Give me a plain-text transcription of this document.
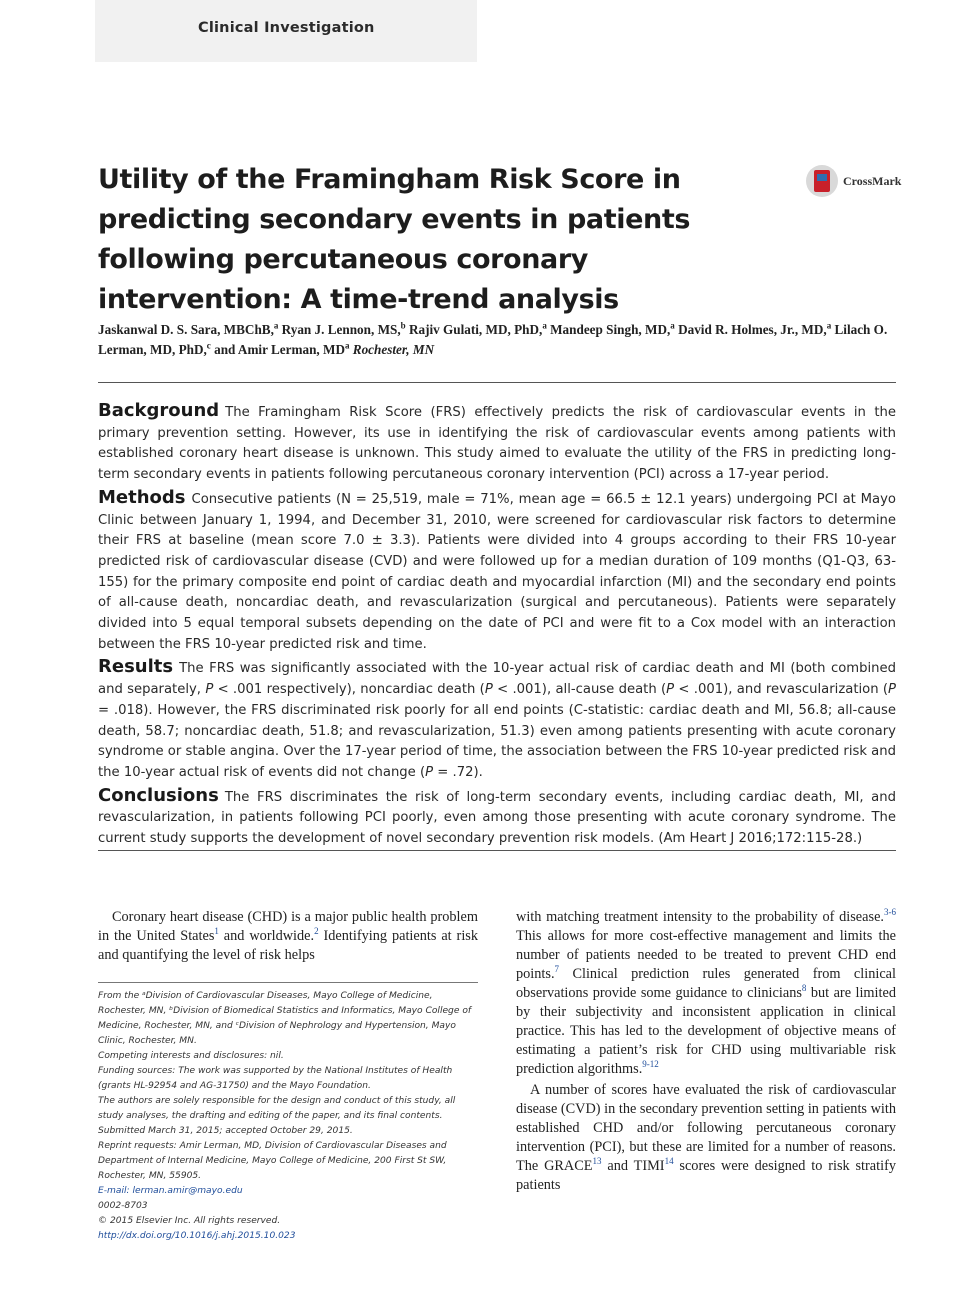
Clinical Investigation
Utility of the Framingham Risk Score in predicting secondary events in patients following percutaneous coronary intervention: A time-trend analysis
CrossMark
Jaskanwal D. S. Sara, MBChB,$^a$ Ryan J. Lennon, MS,$^b$ Rajiv Gulati, MD, PhD,$^a$ Mandeep Singh, MD,$^a$ David R. Holmes, Jr., MD,$^a$ Lilach O. Lerman, MD, PhD,$^c$ and Amir Lerman, $MD^a$ Rochester, MN

Background The Framingham Risk Score (FRS) effectively predicts the risk of cardiovascular events in the primary prevention setting. However, its use in identifying the risk of cardiovascular events among patients with established coronary heart disease is unknown. This study aimed to evaluate the utility of the FRS in predicting long-term secondary events in patients following percutaneous coronary intervention (PCI) across a 17-year period.

Methods Consecutive patients (N = 25,519, male = 71%, mean age = 66.5 ± 12.1 years) undergoing PCI at Mayo Clinic between January 1, 1994, and December 31, 2010, were screened for cardiovascular risk factors to determine their FRS at baseline (mean score 7.0 ± 3.3). Patients were divided into 4 groups according to their FRS 10-year predicted risk of cardiovascular disease (CVD) and were followed up for a median duration of 109 months (Q1-Q3, 63-155) for the primary composite end point of cardiac death and myocardial infarction (MI) and the secondary end points of all-cause death, noncardiac death, and revascularization (surgical and percutaneous). Patients were separately divided into 5 equal temporal subsets depending on the date of PCI and were fit to a Cox model with an interaction between the FRS 10-year predicted risk and time.

Results The FRS was significantly associated with the 10-year actual risk of cardiac death and MI (both combined and separately, P < .001 respectively), noncardiac death (P < .001), all-cause death (P < .001), and revascularization (P = .018). However, the FRS discriminated risk poorly for all end points (C-statistic: cardiac death and MI, 56.8; all-cause death, 58.7; noncardiac death, 51.8; and revascularization, 51.3) even among patients presenting with acute coronary syndrome or stable angina. Over the 17-year period of time, the association between the FRS 10-year predicted risk and the 10-year actual risk of events did not change (P = .72).

Conclusions The FRS discriminates the risk of long-term secondary events, including cardiac death, MI, and revascularization, in patients following PCI poorly, even among those presenting with acute coronary syndrome. The current study supports the development of novel secondary prevention risk models. (Am Heart J 2016;172:115-28.)

Coronary heart disease (CHD) is a major public health problem in the United States$^1$ and worldwide.$^2$ Identifying patients at risk and quantifying the level of risk helps

From the ᵃDivision of Cardiovascular Diseases, Mayo College of Medicine, Rochester, MN, ᵇDivision of Biomedical Statistics and Informatics, Mayo College of Medicine, Rochester, MN, and ᶜDivision of Nephrology and Hypertension, Mayo Clinic, Rochester, MN.

Competing interests and disclosures: nil.

Funding sources: The work was supported by the National Institutes of Health (grants HL-92954 and AG-31750) and the Mayo Foundation.

The authors are solely responsible for the design and conduct of this study, all study analyses, the drafting and editing of the paper, and its final contents.

Submitted March 31, 2015; accepted October 29, 2015.

Reprint requests: Amir Lerman, MD, Division of Cardiovascular Diseases and Department of Internal Medicine, Mayo College of Medicine, 200 First St SW, Rochester, MN, 55905.

E-mail: lerman.amir@mayo.edu

0002-8703

© 2015 Elsevier Inc. All rights reserved.

http://dx.doi.org/10.1016/j.ahj.2015.10.023

with matching treatment intensity to the probability of disease.$^{3-6}$ This allows for more cost-effective management and limits the number of patients needed to be treated to prevent CHD end points.$^7$ Clinical prediction rules generated from clinical observations provide some guidance to clinicians$^8$ but are limited by their subjectivity and inconsistent application in clinical practice. This has led to the development of objective means of estimating a patient’s risk for CHD using multivariable risk prediction algorithms.$^{9-12}$

A number of scores have evaluated the risk of cardiovascular disease (CVD) in the secondary prevention setting in patients with established CHD and/or following percutaneous coronary intervention (PCI), but these are limited for a number of reasons. The GRACE$^{13}$ and TIMI$^{14}$ scores were designed to risk stratify patients
